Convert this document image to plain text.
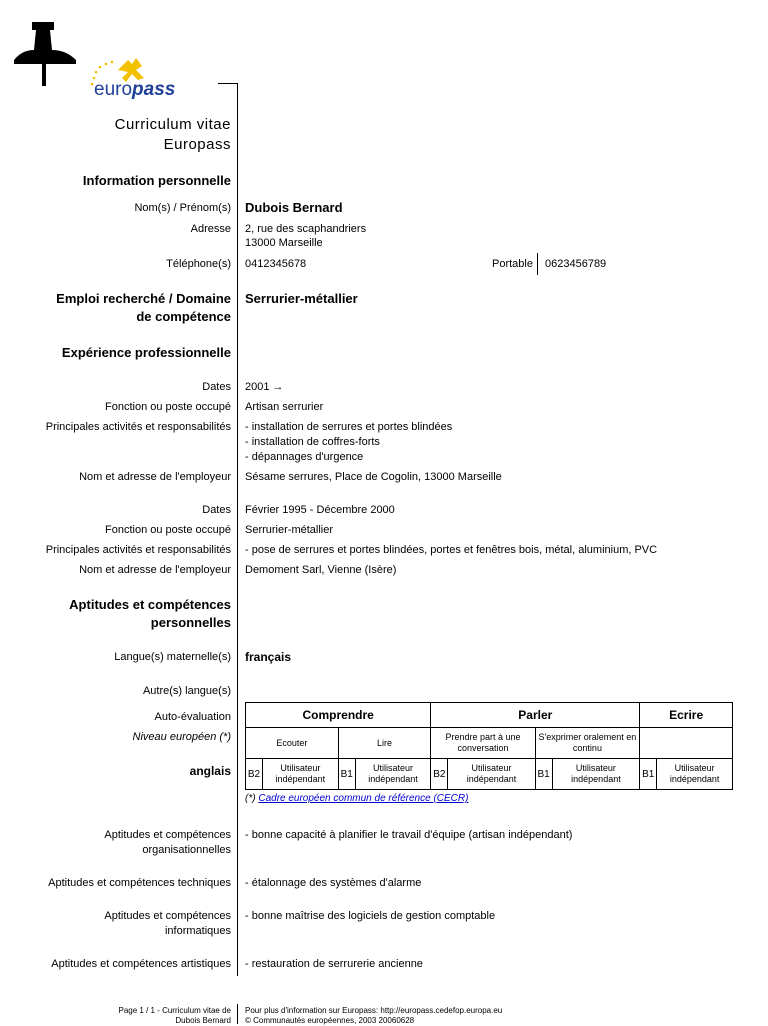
europass
Curriculum vitae
Europass
Information personnelle
Nom(s) / Prénom(s) Dubois Bernard
Adresse 2, rue des scaphandriers
13000 Marseille
Téléphone(s) 0412345678	Portable 0623456789
Emploi recherché / Domaine
de compétence
Serrurier-métallier
Expérience professionnelle
Dates 2001 →
Fonction ou poste occupé Artisan serrurier
Principales activités et responsabilités - installation de serrures et portes blindées
- installation de coffres-forts
- dépannages d'urgence
Nom et adresse de l'employeur Sésame serrures, Place de Cogolin, 13000 Marseille
Dates Février 1995 - Décembre 2000
Fonction ou poste occupé Serrurier-métallier
Principales activités et responsabilités - pose de serrures et portes blindées, portes et fenêtres bois, métal, aluminium, PVC
Nom et adresse de l'employeur Demoment Sarl, Vienne (Isère)
Aptitudes et compétences
personnelles
Langue(s) maternelle(s) français
Autre(s) langue(s)
Auto-évaluation
Niveau européen (*)
anglais
Comprendre				Parler				Ecrire	
Ecouter		Lire		Prendre part à une conversation		S'exprimer oralement en continu			
B2	Utilisateur indépendant	B1	Utilisateur indépendant	B2	Utilisateur indépendant	B1	Utilisateur indépendant	B1	Utilisateur indépendant
(*) Cadre européen commun de référence (CECR)
Aptitudes et compétences
organisationnelles
- bonne capacité à planifier le travail d'équipe (artisan indépendant)
Aptitudes et compétences techniques - étalonnage des systèmes d'alarme
Aptitudes et compétences
informatiques
- bonne maîtrise des logiciels de gestion comptable
Aptitudes et compétences artistiques - restauration de serrurerie ancienne
Page 1 / 1 - Curriculum vitae de
Dubois Bernard
Pour plus d'information sur Europass: http://europass.cedefop.europa.eu
© Communautés européennes, 2003 20060628
